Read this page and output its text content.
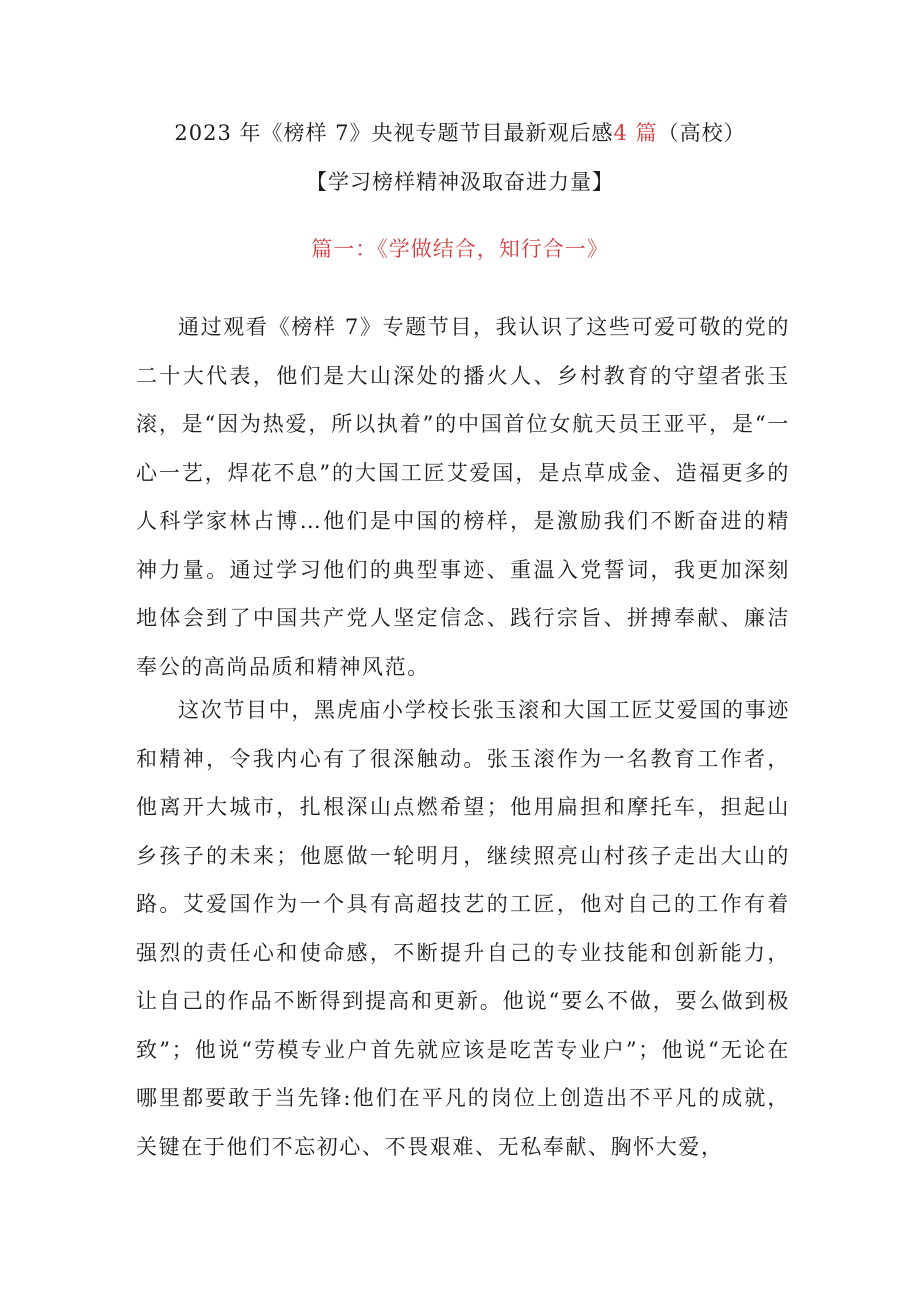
2023 年《榜样 7》央视专题节目最新观后感4 篇（高校）
【学习榜样精神汲取奋进力量】
篇一：《学做结合，知行合一》

通过观看《榜样 7》专题节目，我认识了这些可爱可敬的党的二十大代表，他们是大山深处的播火人、乡村教育的守望者张玉滚，是“因为热爱，所以执着”的中国首位女航天员王亚平，是“一心一艺，焊花不息”的大国工匠艾爱国，是点草成金、造福更多的人科学家林占博…他们是中国的榜样，是激励我们不断奋进的精神力量。通过学习他们的典型事迹、重温入党誓词，我更加深刻地体会到了中国共产党人坚定信念、践行宗旨、拼搏奉献、廉洁奉公的高尚品质和精神风范。

这次节目中，黑虎庙小学校长张玉滚和大国工匠艾爱国的事迹和精神，令我内心有了很深触动。张玉滚作为一名教育工作者，他离开大城市，扎根深山点燃希望；他用扁担和摩托车，担起山乡孩子的未来；他愿做一轮明月，继续照亮山村孩子走出大山的路。艾爱国作为一个具有高超技艺的工匠，他对自己的工作有着强烈的责任心和使命感，不断提升自己的专业技能和创新能力，让自己的作品不断得到提高和更新。他说“要么不做，要么做到极致”；他说“劳模专业户首先就应该是吃苦专业户”；他说“无论在哪里都要敢于当先锋:他们在平凡的岗位上创造出不平凡的成就，关键在于他们不忘初心、不畏艰难、无私奉献、胸怀大爱，
